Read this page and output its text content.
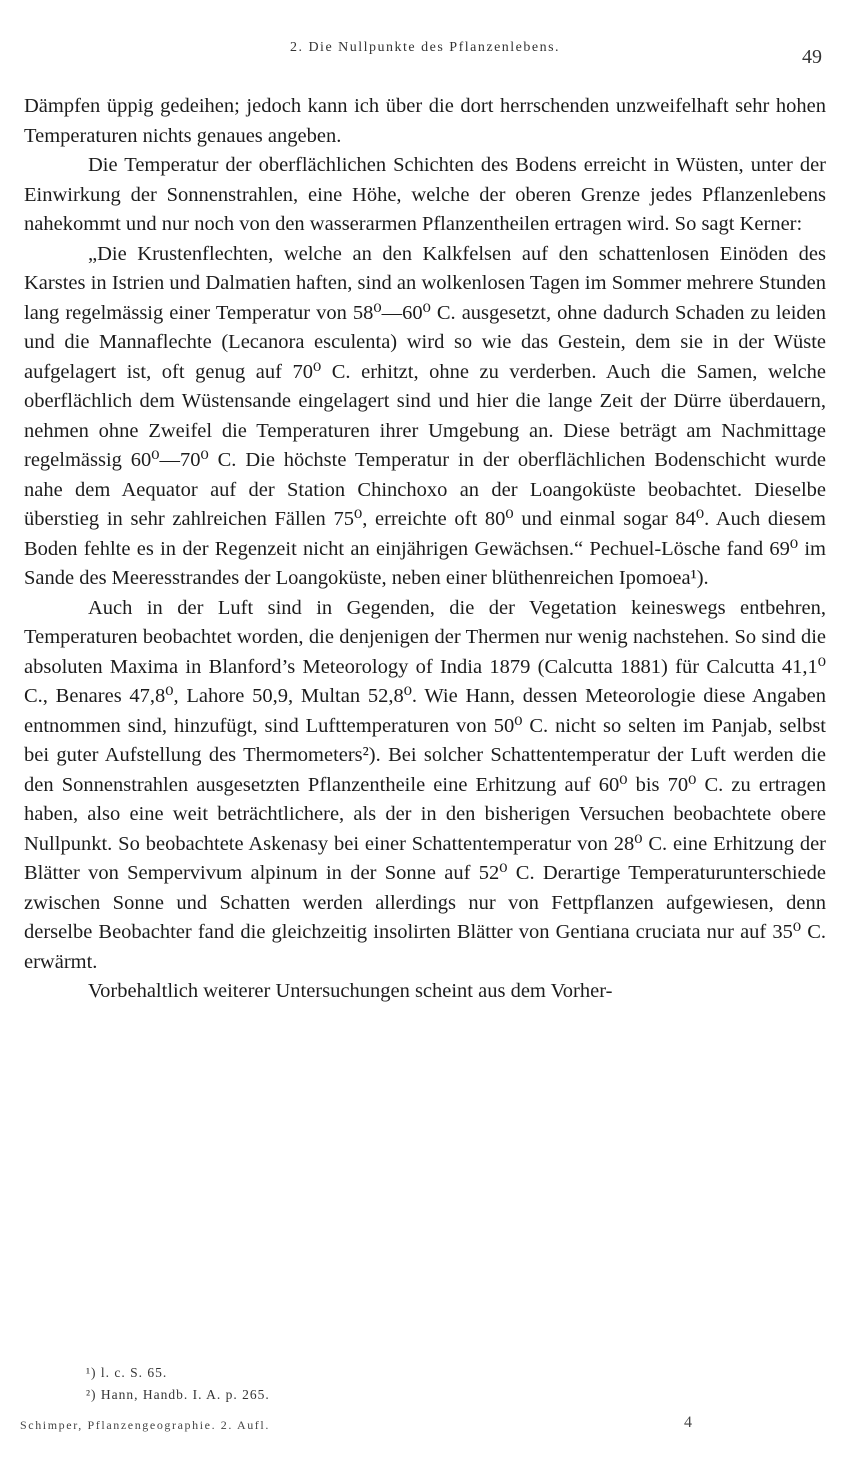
2. Die Nullpunkte des Pflanzenlebens.	49

Dämpfen üppig gedeihen; jedoch kann ich über die dort herrschenden unzweifelhaft sehr hohen Temperaturen nichts genaues angeben.

Die Temperatur der oberflächlichen Schichten des Bodens erreicht in Wüsten, unter der Einwirkung der Sonnenstrahlen, eine Höhe, welche der oberen Grenze jedes Pflanzenlebens nahekommt und nur noch von den wasserarmen Pflanzentheilen ertragen wird. So sagt Kerner:

„Die Krustenflechten, welche an den Kalkfelsen auf den schattenlosen Einöden des Karstes in Istrien und Dalmatien haften, sind an wolkenlosen Tagen im Sommer mehrere Stunden lang regelmässig einer Temperatur von 58⁰—60⁰ C. ausgesetzt, ohne dadurch Schaden zu leiden und die Mannaflechte (Lecanora esculenta) wird so wie das Gestein, dem sie in der Wüste aufgelagert ist, oft genug auf 70⁰ C. erhitzt, ohne zu verderben. Auch die Samen, welche oberflächlich dem Wüstensande eingelagert sind und hier die lange Zeit der Dürre überdauern, nehmen ohne Zweifel die Temperaturen ihrer Umgebung an. Diese beträgt am Nachmittage regelmässig 60⁰—70⁰ C. Die höchste Temperatur in der oberflächlichen Bodenschicht wurde nahe dem Aequator auf der Station Chinchoxo an der Loangoküste beobachtet. Dieselbe überstieg in sehr zahlreichen Fällen 75⁰, erreichte oft 80⁰ und einmal sogar 84⁰. Auch diesem Boden fehlte es in der Regenzeit nicht an einjährigen Gewächsen.“ Pechuel-Lösche fand 69⁰ im Sande des Meeresstrandes der Loangoküste, neben einer blüthenreichen Ipomoea¹).

Auch in der Luft sind in Gegenden, die der Vegetation keineswegs entbehren, Temperaturen beobachtet worden, die denjenigen der Thermen nur wenig nachstehen. So sind die absoluten Maxima in Blanford’s Meteorology of India 1879 (Calcutta 1881) für Calcutta 41,1⁰ C., Benares 47,8⁰, Lahore 50,9, Multan 52,8⁰. Wie Hann, dessen Meteorologie diese Angaben entnommen sind, hinzufügt, sind Lufttemperaturen von 50⁰ C. nicht so selten im Panjab, selbst bei guter Aufstellung des Thermometers²). Bei solcher Schattentemperatur der Luft werden die den Sonnenstrahlen ausgesetzten Pflanzentheile eine Erhitzung auf 60⁰ bis 70⁰ C. zu ertragen haben, also eine weit beträchtlichere, als der in den bisherigen Versuchen beobachtete obere Nullpunkt. So beobachtete Askenasy bei einer Schattentemperatur von 28⁰ C. eine Erhitzung der Blätter von Sempervivum alpinum in der Sonne auf 52⁰ C. Derartige Temperaturunterschiede zwischen Sonne und Schatten werden allerdings nur von Fettpflanzen aufgewiesen, denn derselbe Beobachter fand die gleichzeitig insolirten Blätter von Gentiana cruciata nur auf 35⁰ C. erwärmt.

Vorbehaltlich weiterer Untersuchungen scheint aus dem Vorher-

¹) l. c. S. 65.
²) Hann, Handb. I. A. p. 265.
Schimper, Pflanzengeographie. 2. Aufl.	4
